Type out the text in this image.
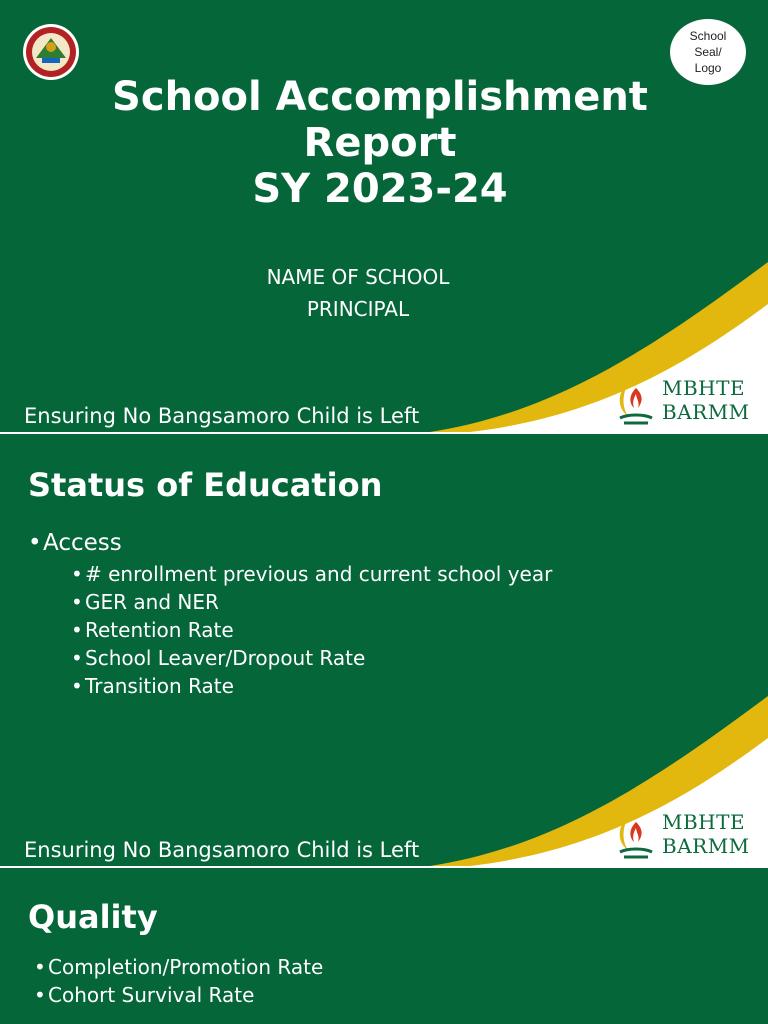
School
Seal/
Logo
School Accomplishment
Report
SY 2023-24
NAME OF SCHOOL
PRINCIPAL
Ensuring No Bangsamoro Child is Left
MBHTE
BARMM
Status of Education
• Access
• # enrollment previous and current school year
• GER and NER
• Retention Rate
• School Leaver/Dropout Rate
• Transition Rate
Ensuring No Bangsamoro Child is Left
MBHTE
BARMM
Quality
• Completion/Promotion Rate
• Cohort Survival Rate
